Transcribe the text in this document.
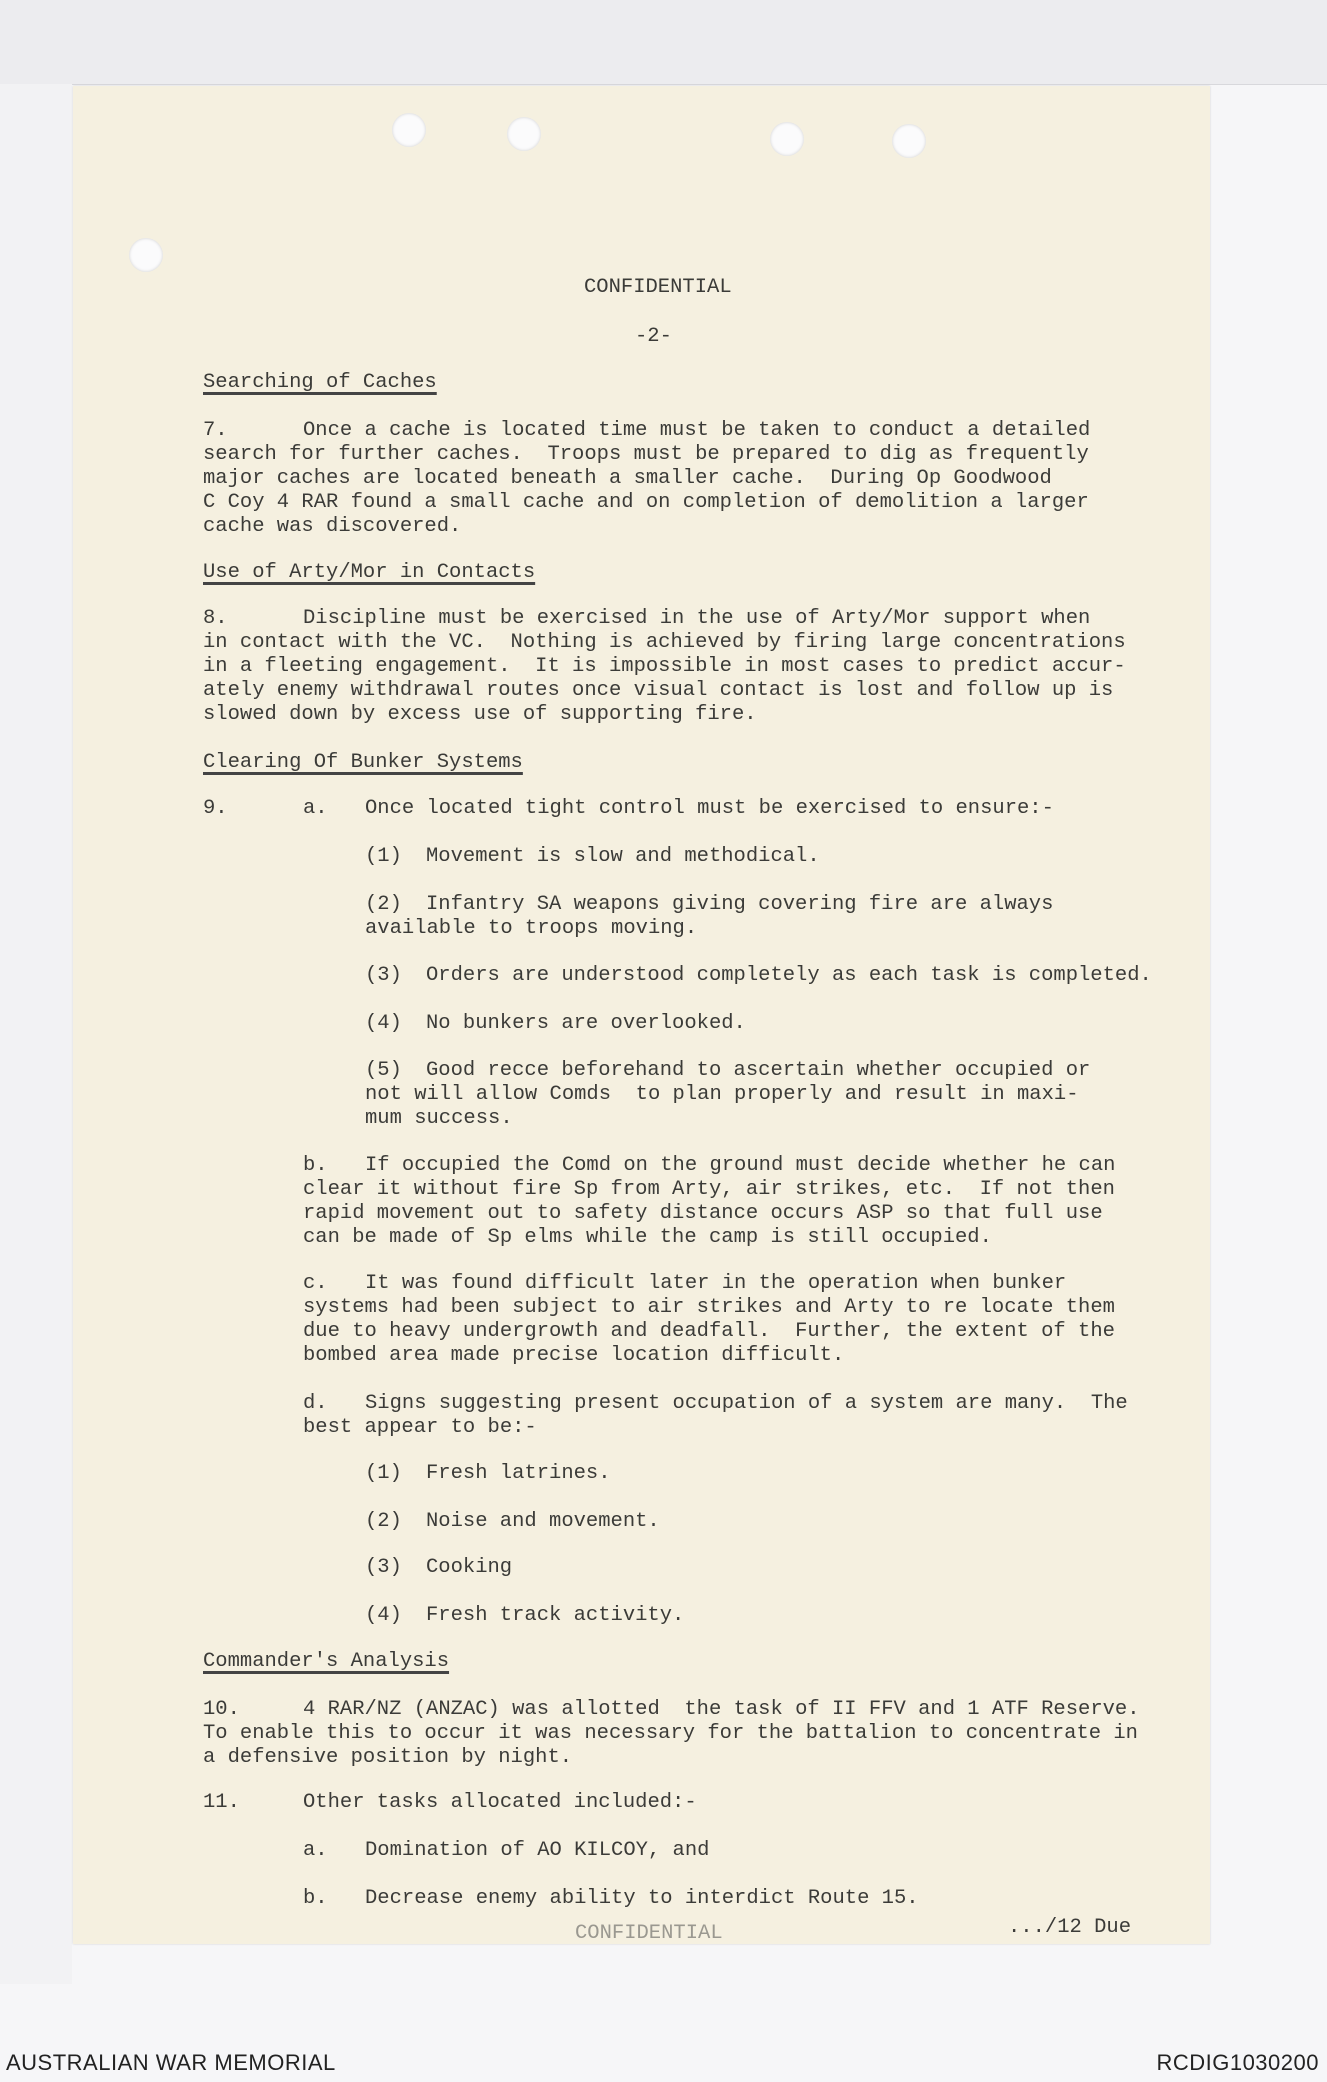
CONFIDENTIAL
-2-
Searching of Caches
7.	Once a cache is located time must be taken to conduct a detailed
search for further caches.  Troops must be prepared to dig as frequently
major caches are located beneath a smaller cache.  During Op Goodwood
C Coy 4 RAR found a small cache and on completion of demolition a larger
cache was discovered.
Use of Arty/Mor in Contacts
8.	Discipline must be exercised in the use of Arty/Mor support when
in contact with the VC.  Nothing is achieved by firing large concentrations
in a fleeting engagement.  It is impossible in most cases to predict accur-
ately enemy withdrawal routes once visual contact is lost and follow up is
slowed down by excess use of supporting fire.
Clearing Of Bunker Systems
9.	a. Once located tight control must be exercised to ensure:-
(1) Movement is slow and methodical.
(2) Infantry SA weapons giving covering fire are always
available to troops moving.
(3) Orders are understood completely as each task is completed.
(4) No bunkers are overlooked.
(5) Good recce beforehand to ascertain whether occupied or
not will allow Comds  to plan properly and result in maxi-
mum success.
b. If occupied the Comd on the ground must decide whether he can
clear it without fire Sp from Arty, air strikes, etc.  If not then
rapid movement out to safety distance occurs ASP so that full use
can be made of Sp elms while the camp is still occupied.
c. It was found difficult later in the operation when bunker
systems had been subject to air strikes and Arty to re locate them
due to heavy undergrowth and deadfall.  Further, the extent of the
bombed area made precise location difficult.
d. Signs suggesting present occupation of a system are many.  The
best appear to be:-
(1) Fresh latrines.
(2) Noise and movement.
(3) Cooking
(4) Fresh track activity.
Commander's Analysis
10.	4 RAR/NZ (ANZAC) was allotted  the task of II FFV and 1 ATF Reserve.
To enable this to occur it was necessary for the battalion to concentrate in
a defensive position by night.
11.	Other tasks allocated included:-
a. Domination of AO KILCOY, and
b. Decrease enemy ability to interdict Route 15.
CONFIDENTIAL	.../12 Due
AUSTRALIAN WAR MEMORIAL	RCDIG1030200
